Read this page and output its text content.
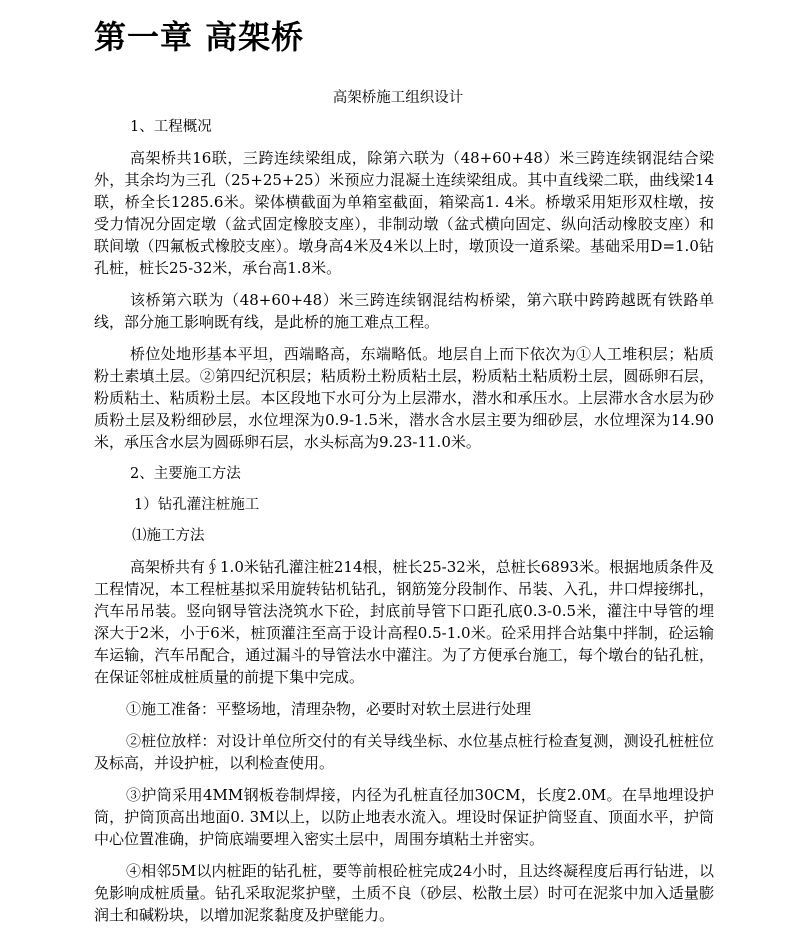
第一章 高架桥
高架桥施工组织设计

1、工程概况

高架桥共16联，三跨连续梁组成，除第六联为（48+60+48）米三跨连续钢混结合梁外，其余均为三孔（25+25+25）米预应力混凝土连续梁组成。其中直线梁二联，曲线梁14联，桥全长1285.6米。梁体横截面为单箱室截面，箱梁高1. 4米。桥墩采用矩形双柱墩，按受力情况分固定墩（盆式固定橡胶支座），非制动墩（盆式横向固定、纵向活动橡胶支座）和联间墩（四氟板式橡胶支座）。墩身高4米及4米以上时，墩顶设一道系梁。基础采用D=1.0钻孔桩，桩长25-32米，承台高1.8米。

该桥第六联为（48+60+48）米三跨连续钢混结构桥梁，第六联中跨跨越既有铁路单线，部分施工影响既有线，是此桥的施工难点工程。

桥位处地形基本平坦，西端略高，东端略低。地层自上而下依次为①人工堆积层；粘质粉土素填土层。②第四纪沉积层；粘质粉土粉质粘土层，粉质粘土粘质粉土层，圆砾卵石层，粉质粘土、粘质粉土层。本区段地下水可分为上层滞水，潜水和承压水。上层滞水含水层为砂质粉土层及粉细砂层，水位埋深为0.9-1.5米，潜水含水层主要为细砂层，水位埋深为14.90米，承压含水层为圆砾卵石层，水头标高为9.23-11.0米。

2、主要施工方法

1）钻孔灌注桩施工

⑴施工方法

高架桥共有∮1.0米钻孔灌注桩214根，桩长25-32米，总桩长6893米。根据地质条件及工程情况，本工程桩基拟采用旋转钻机钻孔，钢筋笼分段制作、吊装、入孔，井口焊接绑扎，汽车吊吊装。竖向钢导管法浇筑水下砼，封底前导管下口距孔底0.3-0.5米，灌注中导管的埋深大于2米，小于6米，桩顶灌注至高于设计高程0.5-1.0米。砼采用拌合站集中拌制，砼运输车运输，汽车吊配合，通过漏斗的导管法水中灌注。为了方便承台施工，每个墩台的钻孔桩，在保证邻桩成桩质量的前提下集中完成。

①施工准备：平整场地，清理杂物，必要时对软土层进行处理

②桩位放样：对设计单位所交付的有关导线坐标、水位基点桩行检查复测，测设孔桩桩位及标高，并设护桩，以利检查使用。

③护筒采用4MM钢板卷制焊接，内径为孔桩直径加30CM，长度2.0M。在旱地埋设护筒，护筒顶高出地面0. 3M以上，以防止地表水流入。埋设时保证护筒竖直、顶面水平，护筒中心位置准确，护筒底端要埋入密实土层中，周围夯填粘土并密实。

④相邻5M以内桩距的钻孔桩，要等前根砼桩完成24小时，且达终凝程度后再行钻进，以免影响成桩质量。钻孔采取泥浆护壁，土质不良（砂层、松散土层）时可在泥浆中加入适量膨润土和碱粉块，以增加泥浆黏度及护壁能力。
